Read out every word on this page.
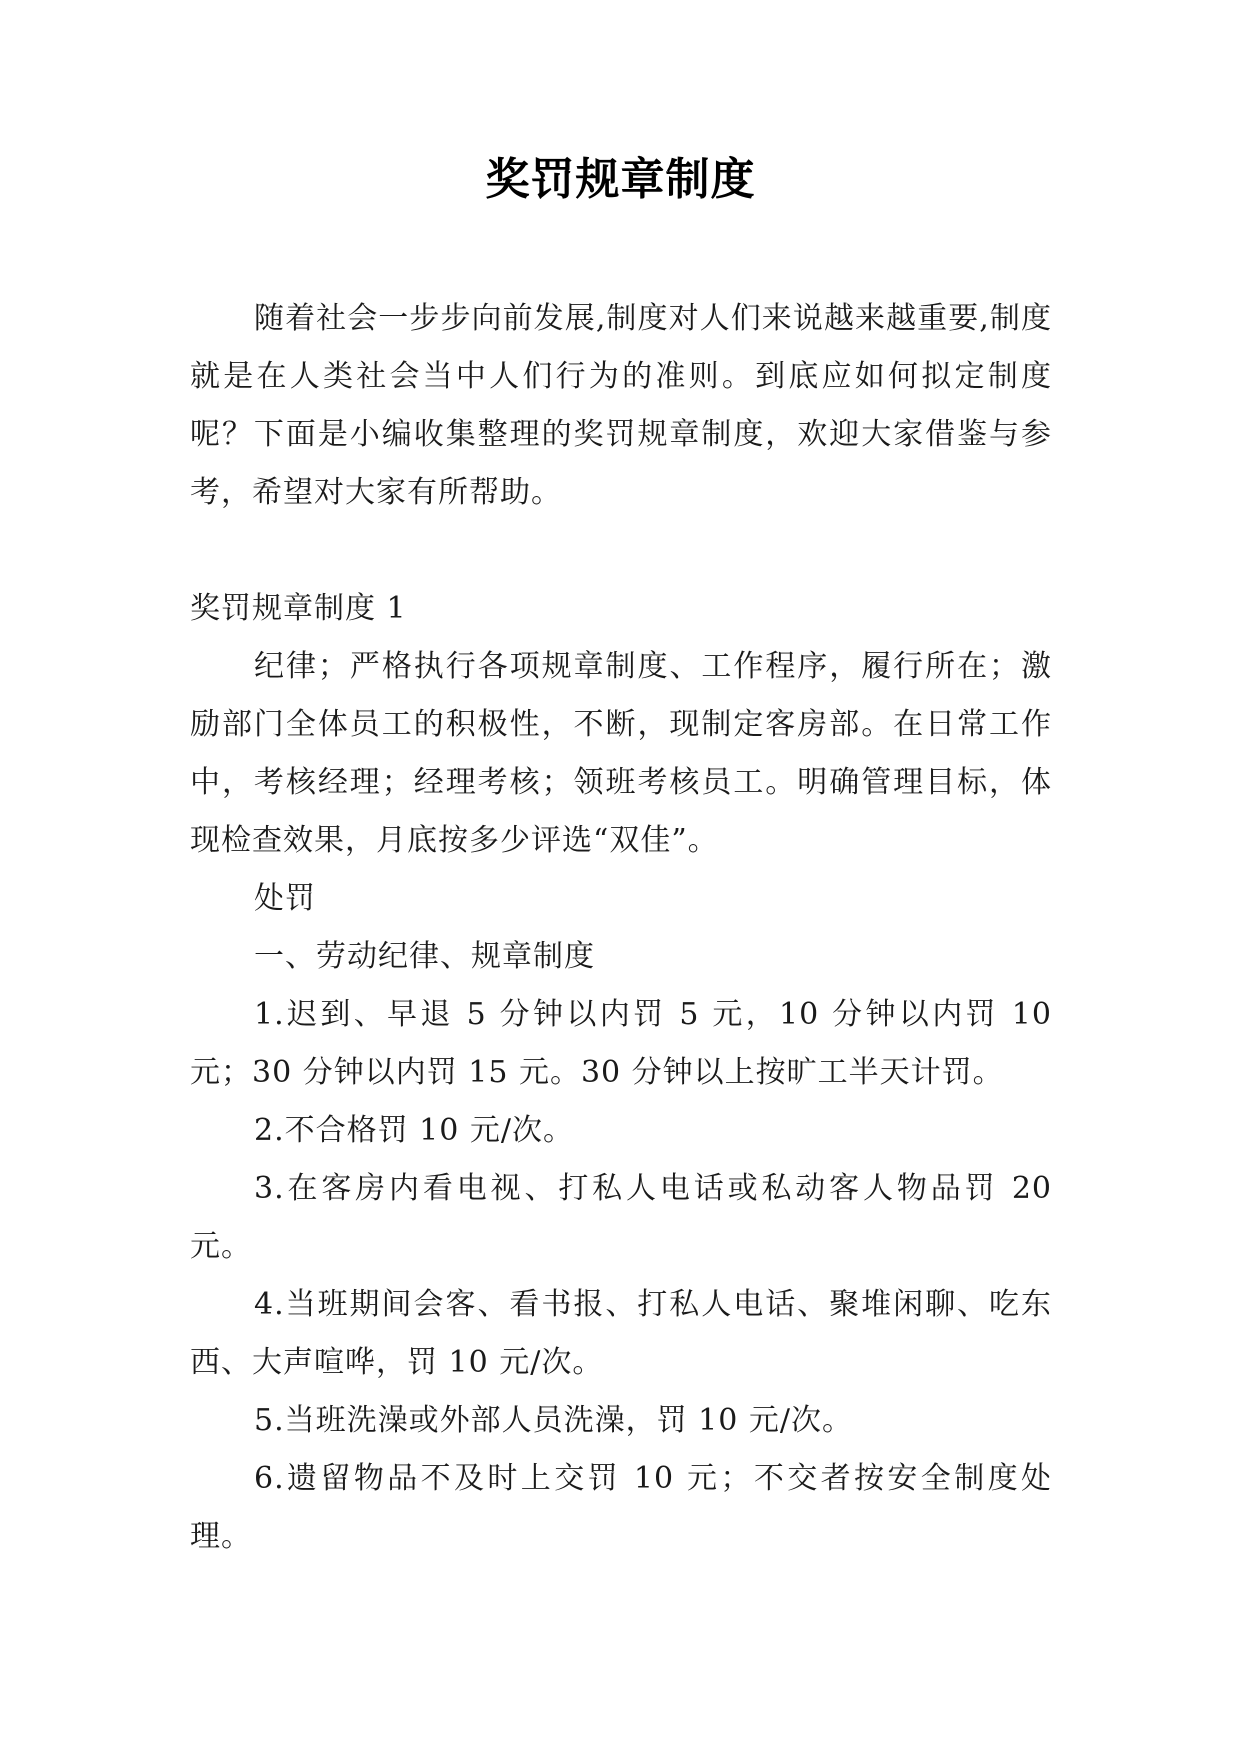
奖罚规章制度

随着社会一步步向前发展,制度对人们来说越来越重要,制度就是在人类社会当中人们行为的准则。到底应如何拟定制度呢？下面是小编收集整理的奖罚规章制度，欢迎大家借鉴与参考，希望对大家有所帮助。

奖罚规章制度 1

纪律；严格执行各项规章制度、工作程序，履行所在；激励部门全体员工的积极性，不断，现制定客房部。在日常工作中，考核经理；经理考核；领班考核员工。明确管理目标，体现检查效果，月底按多少评选“双佳”。

处罚

一、劳动纪律、规章制度

1.迟到、早退 5 分钟以内罚 5 元，10 分钟以内罚 10 元；30 分钟以内罚 15 元。30 分钟以上按旷工半天计罚。

2.不合格罚 10 元/次。

3.在客房内看电视、打私人电话或私动客人物品罚 20 元。

4.当班期间会客、看书报、打私人电话、聚堆闲聊、吃东西、大声喧哗，罚 10 元/次。

5.当班洗澡或外部人员洗澡，罚 10 元/次。

6.遗留物品不及时上交罚 10 元；不交者按安全制度处理。
